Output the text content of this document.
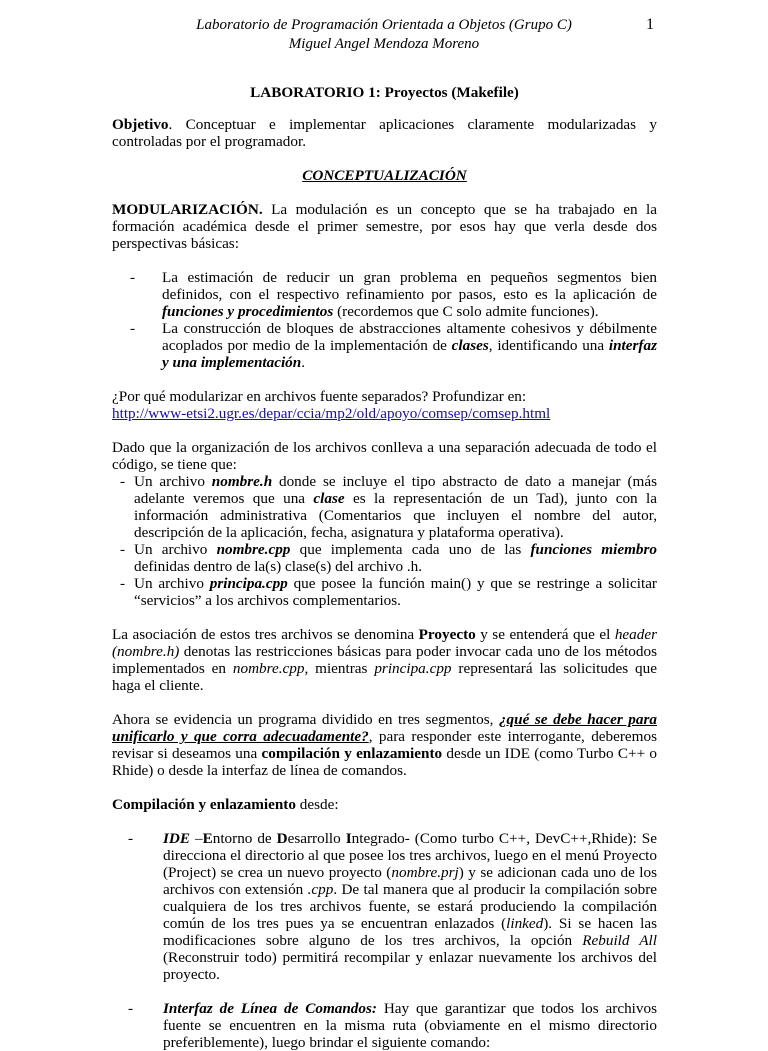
Laboratorio de Programación Orientada a Objetos (Grupo C)
Miguel Angel Mendoza Moreno
1

LABORATORIO 1: Proyectos (Makefile)

Objetivo. Conceptuar e implementar aplicaciones claramente modularizadas y controladas por el programador.

CONCEPTUALIZACIÓN

MODULARIZACIÓN. La modulación es un concepto que se ha trabajado en la formación académica desde el primer semestre, por esos hay que verla desde dos perspectivas básicas:

-	La estimación de reducir un gran problema en pequeños segmentos bien definidos, con el respectivo refinamiento por pasos, esto es la aplicación de funciones y procedimientos (recordemos que C solo admite funciones).
-	La construcción de bloques de abstracciones altamente cohesivos y débilmente acoplados por medio de la implementación de clases, identificando una interfaz y una implementación.

¿Por qué modularizar en archivos fuente separados? Profundizar en:

http://www-etsi2.ugr.es/depar/ccia/mp2/old/apoyo/comsep/comsep.html

Dado que la organización de los archivos conlleva a una separación adecuada de todo el código, se tiene que:

- Un archivo nombre.h donde se incluye el tipo abstracto de dato a manejar (más adelante veremos que una clase es la representación de un Tad), junto con la información administrativa (Comentarios que incluyen el nombre del autor, descripción de la aplicación, fecha, asignatura y plataforma operativa).
- Un archivo nombre.cpp que implementa cada uno de las funciones miembro definidas dentro de la(s) clase(s) del archivo .h.
- Un archivo principa.cpp que posee la función main() y que se restringe a solicitar “servicios” a los archivos complementarios.

La asociación de estos tres archivos se denomina Proyecto y se entenderá que el header (nombre.h) denotas las restricciones básicas para poder invocar cada uno de los métodos implementados en nombre.cpp, mientras principa.cpp representará las solicitudes que haga el cliente.

Ahora se evidencia un programa dividido en tres segmentos, ¿qué se debe hacer para unificarlo y que corra adecuadamente?, para responder este interrogante, deberemos revisar si deseamos una compilación y enlazamiento desde un IDE (como Turbo C++ o Rhide) o desde la interfaz de línea de comandos.

Compilación y enlazamiento desde:

-	IDE –Entorno de Desarrollo Integrado- (Como turbo C++, DevC++,Rhide): Se direcciona el directorio al que posee los tres archivos, luego en el menú Proyecto (Project) se crea un nuevo proyecto (nombre.prj) y se adicionan cada uno de los archivos con extensión .cpp. De tal manera que al producir la compilación sobre cualquiera de los tres archivos fuente, se estará produciendo la compilación común de los tres pues ya se encuentran enlazados (linked). Si se hacen las modificaciones sobre alguno de los tres archivos, la opción Rebuild All (Reconstruir todo) permitirá recompilar y enlazar nuevamente los archivos del proyecto.
-	Interfaz de Línea de Comandos: Hay que garantizar que todos los archivos fuente se encuentren en la misma ruta (obviamente en el mismo directorio preferiblemente), luego brindar el siguiente comando:
